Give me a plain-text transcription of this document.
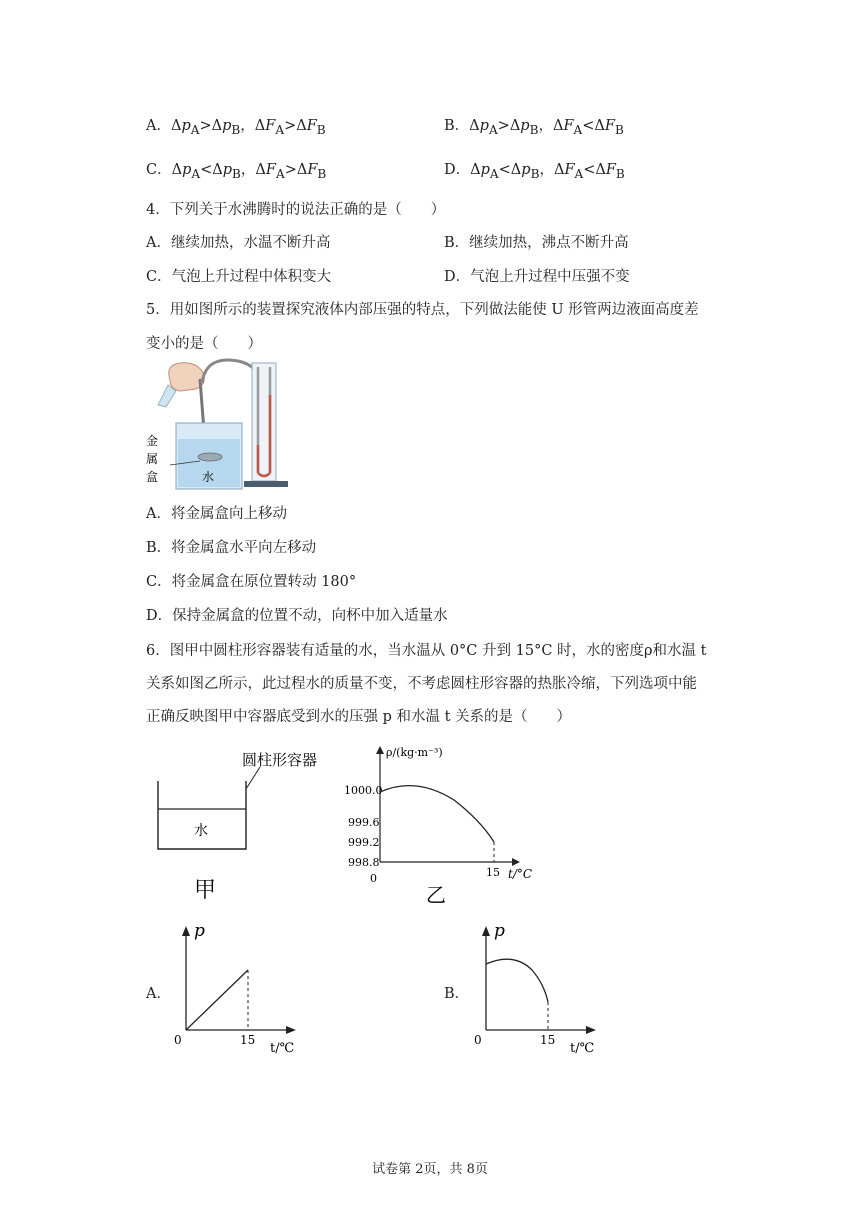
A．$\Delta p_A>\Delta p_B$，$\Delta F_A>\Delta F_B$	B．$\Delta p_A>\Delta p_B$，$\Delta F_A<\Delta F_B$
C．$\Delta p_A<\Delta p_B$，$\Delta F_A>\Delta F_B$	D．$\Delta p_A<\Delta p_B$，$\Delta F_A<\Delta F_B$
4．下列关于水沸腾时的说法正确的是（　　）
A．继续加热，水温不断升高	B．继续加热，沸点不断升高
C．气泡上升过程中体积变大	D．气泡上升过程中压强不变
5．用如图所示的装置探究液体内部压强的特点，下列做法能使 U 形管两边液面高度差
变小的是（　　）
水
金
属
盒
A．将金属盒向上移动
B．将金属盒水平向左移动
C．将金属盒在原位置转动 180°
D．保持金属盒的位置不动，向杯中加入适量水
6．图甲中圆柱形容器装有适量的水，当水温从 0°C 升到 15°C 时，水的密度ρ和水温 t
关系如图乙所示，此过程水的质量不变，不考虑圆柱形容器的热胀冷缩，下列选项中能
正确反映图甲中容器底受到水的压强 p 和水温 t 关系的是（　　）
圆柱形容器
水
甲
ρ/(kg·m⁻³)
1000.0
999.6
999.2
998.8
0	15 t/°C
乙
A．
p
0	15
t/℃
B．
p
0	15
t/℃
试卷第 2页，共 8页
